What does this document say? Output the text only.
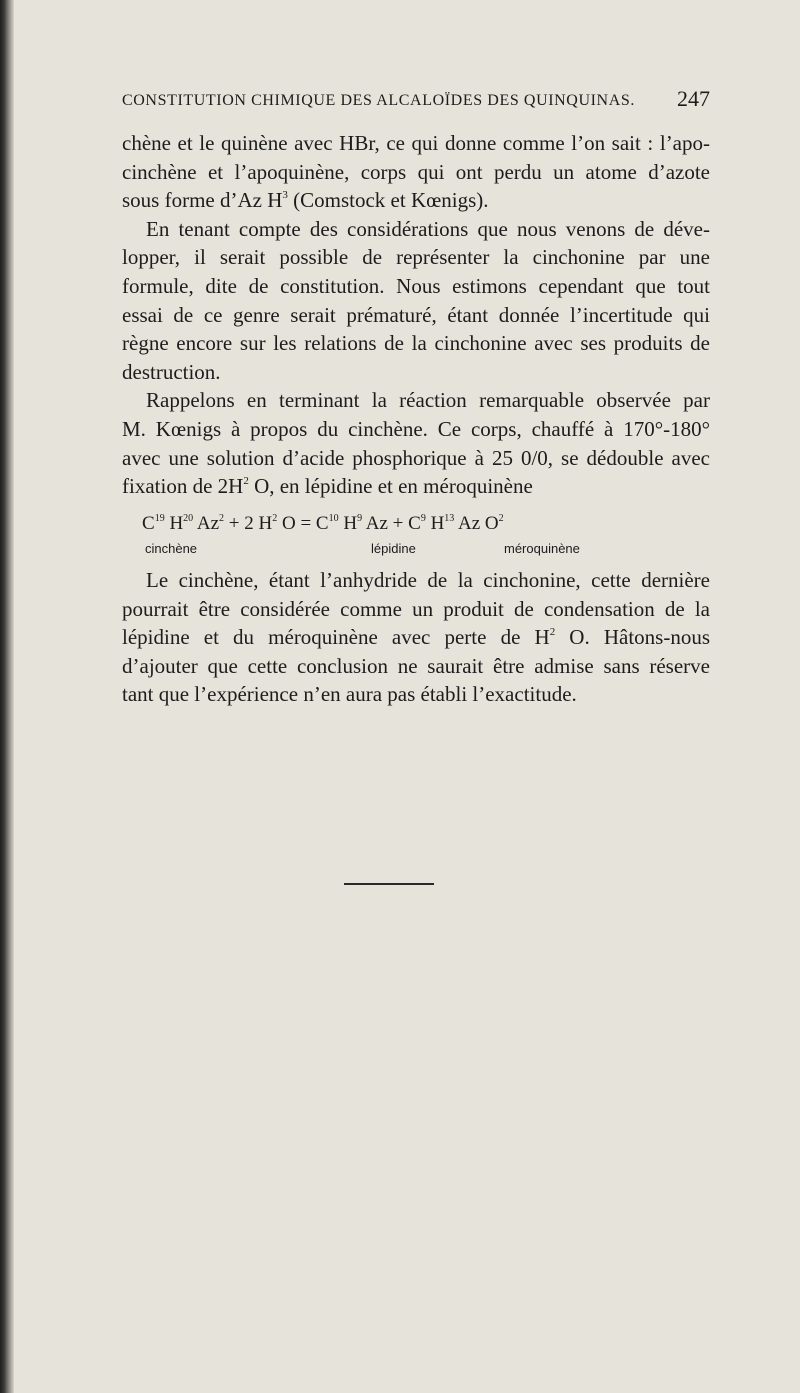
CONSTITUTION CHIMIQUE DES ALCALOÏDES DES QUINQUINAS. 247
chène et le quinène avec HBr, ce qui donne comme l’on sait : l’apo-
cinchène et l’apoquinène, corps qui ont perdu un atome d’azote
sous forme d’Az $H^3$ (Comstock et Kœnigs).
En tenant compte des considérations que nous venons de déve-
lopper, il serait possible de représenter la cinchonine par une
formule, dite de constitution. Nous estimons cependant que tout
essai de ce genre serait prématuré, étant donnée l’incertitude qui
règne encore sur les relations de la cinchonine avec ses produits de
destruction.
Rappelons en terminant la réaction remarquable observée par
M. Kœnigs à propos du cinchène. Ce corps, chauffé à 170°-180°
avec une solution d’acide phosphorique à 25 0/0, se dédouble avec
fixation de $2H^2$ O, en lépidine et en méroquinène
$C^{19}$ $H^{20}$ $Az^2 + 2$ $H^2$ $O = C^{10}$ $H^9$ $Az + C^9$ $H^{13}$ Az $O^2$
cinchène	lépidine	méroquinène
Le cinchène, étant l’anhydride de la cinchonine, cette dernière
pourrait être considérée comme un produit de condensation de la
lépidine et du méroquinène avec perte de $H^2$ O. Hâtons-nous
d’ajouter que cette conclusion ne saurait être admise sans réserve
tant que l’expérience n’en aura pas établi l’exactitude.
